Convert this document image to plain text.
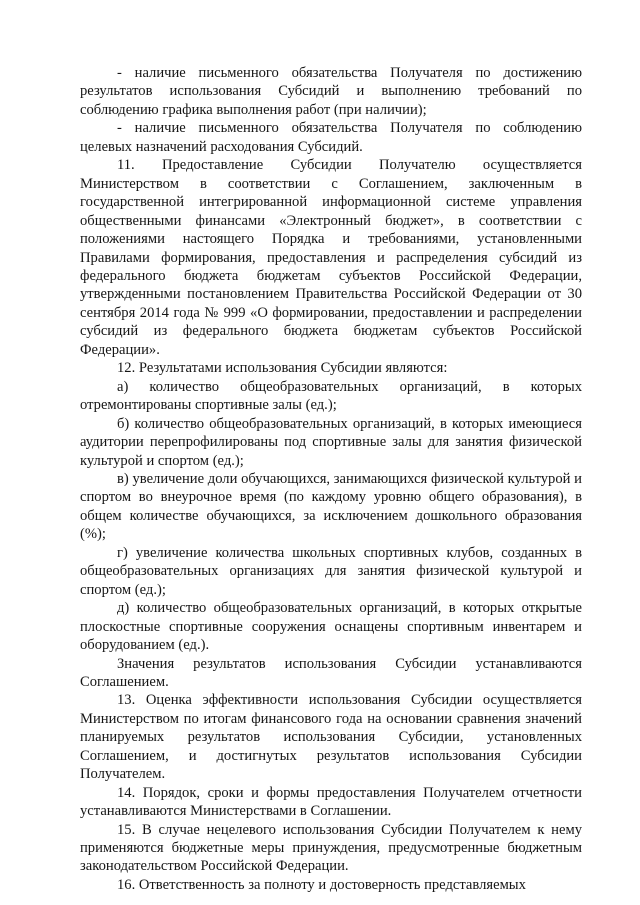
- наличие письменного обязательства Получателя по достижению результатов использования Субсидий и выполнению требований по соблюдению графика выполнения работ (при наличии);

- наличие письменного обязательства Получателя по соблюдению целевых назначений расходования Субсидий.

11. Предоставление Субсидии Получателю осуществляется Министерством в соответствии с Соглашением, заключенным в государственной интегрированной информационной системе управления общественными финансами «Электронный бюджет», в соответствии с положениями настоящего Порядка и требованиями, установленными Правилами формирования, предоставления и распределения субсидий из федерального бюджета бюджетам субъектов Российской Федерации, утвержденными постановлением Правительства Российской Федерации от 30 сентября 2014 года № 999 «О формировании, предоставлении и распределении субсидий из федерального бюджета бюджетам субъектов Российской Федерации».

12. Результатами использования Субсидии являются:

а) количество общеобразовательных организаций, в которых отремонтированы спортивные залы (ед.);

б) количество общеобразовательных организаций, в которых имеющиеся аудитории перепрофилированы под спортивные залы для занятия физической культурой и спортом (ед.);

в) увеличение доли обучающихся, занимающихся физической культурой и спортом во внеурочное время (по каждому уровню общего образования), в общем количестве обучающихся, за исключением дошкольного образования (%);

г) увеличение количества школьных спортивных клубов, созданных в общеобразовательных организациях для занятия физической культурой и спортом (ед.);

д) количество общеобразовательных организаций, в которых открытые плоскостные спортивные сооружения оснащены спортивным инвентарем и оборудованием (ед.).

Значения результатов использования Субсидии устанавливаются Соглашением.

13. Оценка эффективности использования Субсидии осуществляется Министерством по итогам финансового года на основании сравнения значений планируемых результатов использования Субсидии, установленных Соглашением, и достигнутых результатов использования Субсидии Получателем.

14. Порядок, сроки и формы предоставления Получателем отчетности устанавливаются Министерствами в Соглашении.

15. В случае нецелевого использования Субсидии Получателем к нему применяются бюджетные меры принуждения, предусмотренные бюджетным законодательством Российской Федерации.

16. Ответственность за полноту и достоверность представляемых
